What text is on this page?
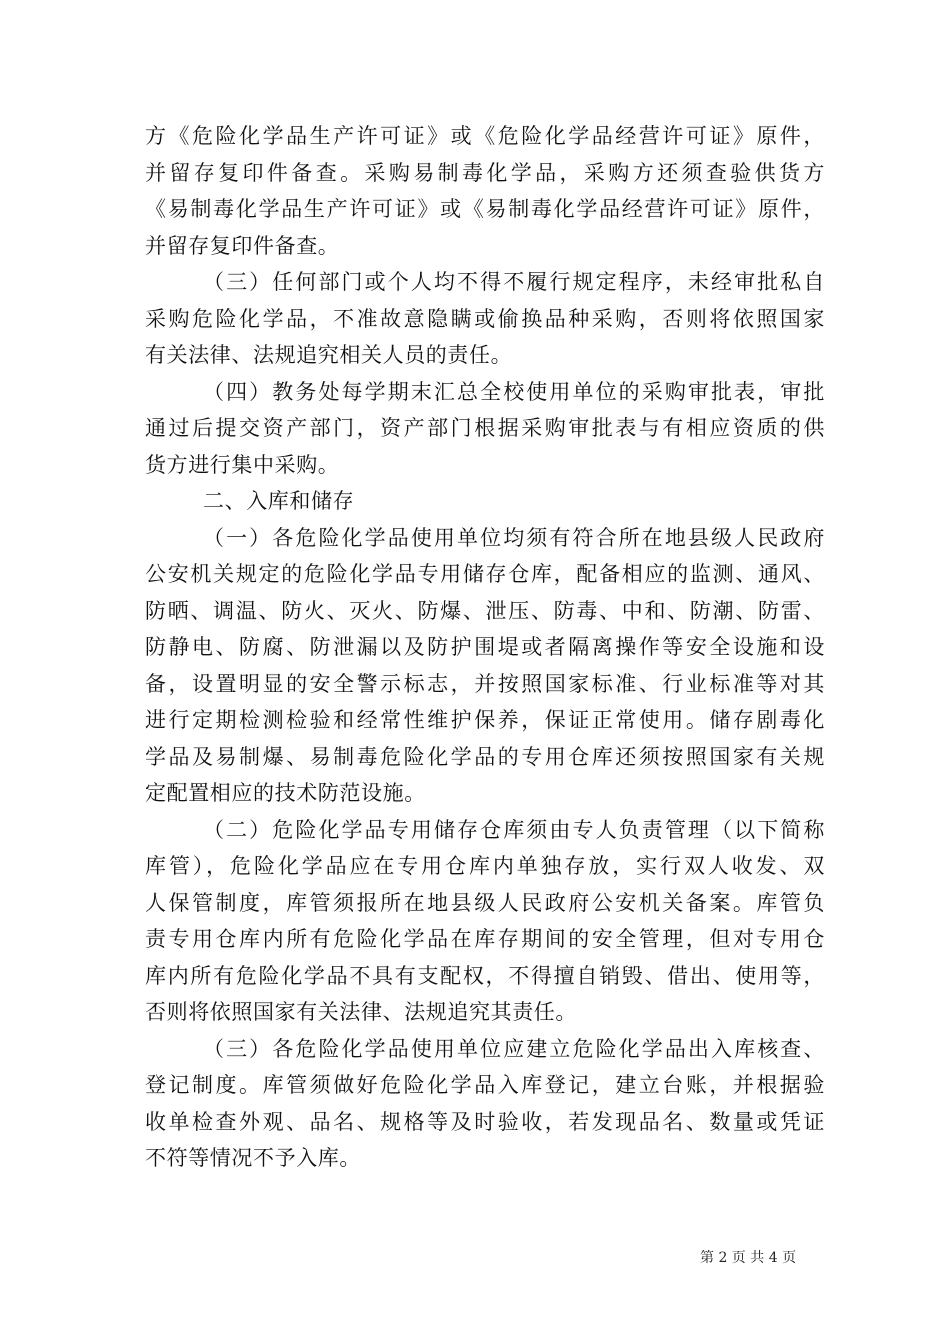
方《危险化学品生产许可证》或《危险化学品经营许可证》原件，
并留存复印件备查。采购易制毒化学品，采购方还须查验供货方
《易制毒化学品生产许可证》或《易制毒化学品经营许可证》原件，
并留存复印件备查。
（三）任何部门或个人均不得不履行规定程序，未经审批私自
采购危险化学品，不准故意隐瞒或偷换品种采购，否则将依照国家
有关法律、法规追究相关人员的责任。
（四）教务处每学期末汇总全校使用单位的采购审批表，审批
通过后提交资产部门，资产部门根据采购审批表与有相应资质的供
货方进行集中采购。
二、入库和储存
（一）各危险化学品使用单位均须有符合所在地县级人民政府
公安机关规定的危险化学品专用储存仓库，配备相应的监测、通风、
防晒、调温、防火、灭火、防爆、泄压、防毒、中和、防潮、防雷、
防静电、防腐、防泄漏以及防护围堤或者隔离操作等安全设施和设
备，设置明显的安全警示标志，并按照国家标准、行业标准等对其
进行定期检测检验和经常性维护保养，保证正常使用。储存剧毒化
学品及易制爆、易制毒危险化学品的专用仓库还须按照国家有关规
定配置相应的技术防范设施。
（二）危险化学品专用储存仓库须由专人负责管理（以下简称
库管），危险化学品应在专用仓库内单独存放，实行双人收发、双
人保管制度，库管须报所在地县级人民政府公安机关备案。库管负
责专用仓库内所有危险化学品在库存期间的安全管理，但对专用仓
库内所有危险化学品不具有支配权，不得擅自销毁、借出、使用等，
否则将依照国家有关法律、法规追究其责任。
（三）各危险化学品使用单位应建立危险化学品出入库核查、
登记制度。库管须做好危险化学品入库登记，建立台账，并根据验
收单检查外观、品名、规格等及时验收，若发现品名、数量或凭证
不符等情况不予入库。
第 2 页 共 4 页
